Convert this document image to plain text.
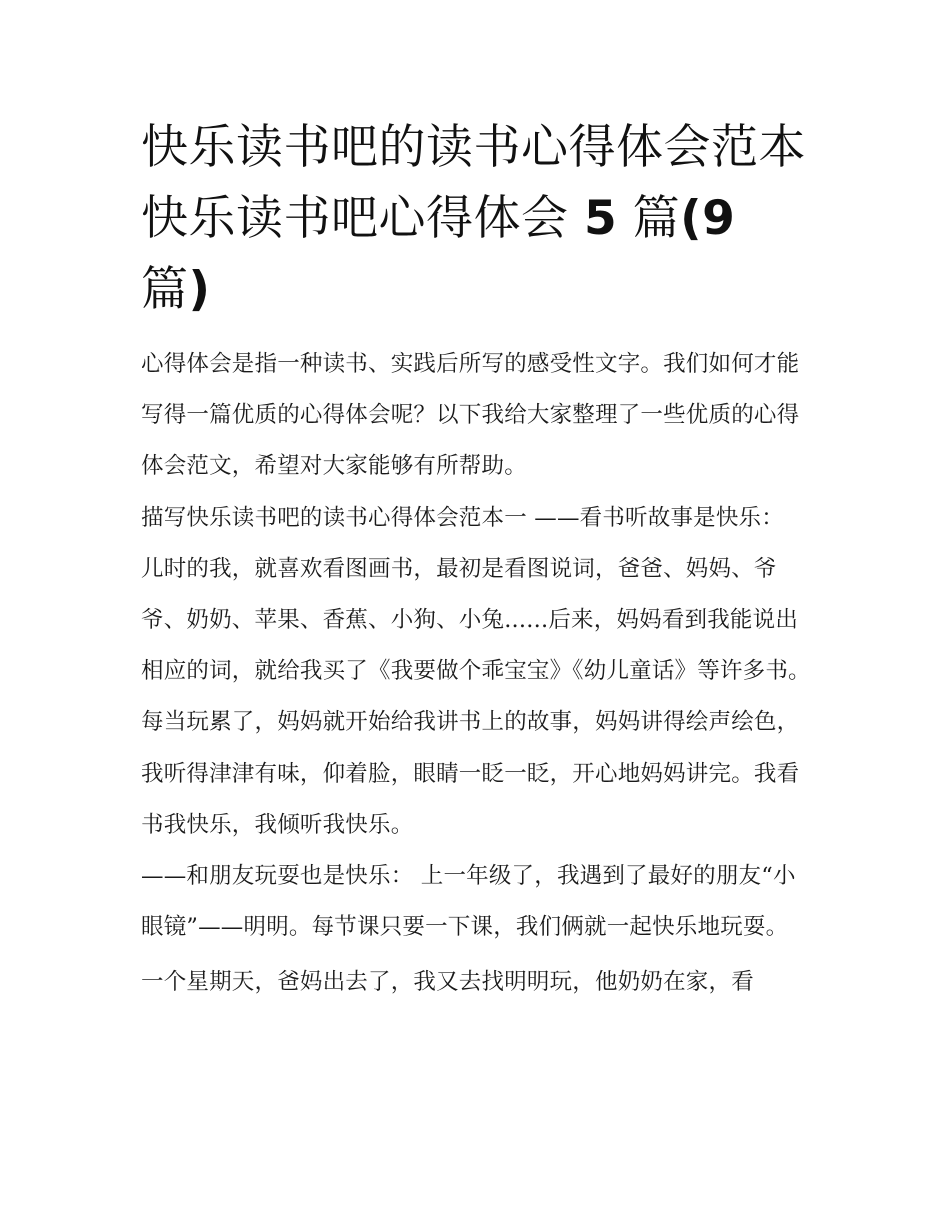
快乐读书吧的读书心得体会范本 快乐读书吧心得体会 5 篇(9 篇)

心得体会是指一种读书、实践后所写的感受性文字。我们如何才能写得一篇优质的心得体会呢？以下我给大家整理了一些优质的心得体会范文，希望对大家能够有所帮助。

描写快乐读书吧的读书心得体会范本一 ——看书听故事是快乐：

儿时的我，就喜欢看图画书，最初是看图说词，爸爸、妈妈、爷爷、奶奶、苹果、香蕉、小狗、小兔......后来，妈妈看到我能说出相应的词，就给我买了《我要做个乖宝宝》《幼儿童话》等许多书。每当玩累了，妈妈就开始给我讲书上的故事，妈妈讲得绘声绘色，我听得津津有味，仰着脸，眼睛一眨一眨，开心地妈妈讲完。我看书我快乐，我倾听我快乐。

——和朋友玩耍也是快乐： 上一年级了，我遇到了最好的朋友“小眼镜”——明明。每节课只要一下课，我们俩就一起快乐地玩耍。

一个星期天，爸妈出去了，我又去找明明玩，他奶奶在家，看
